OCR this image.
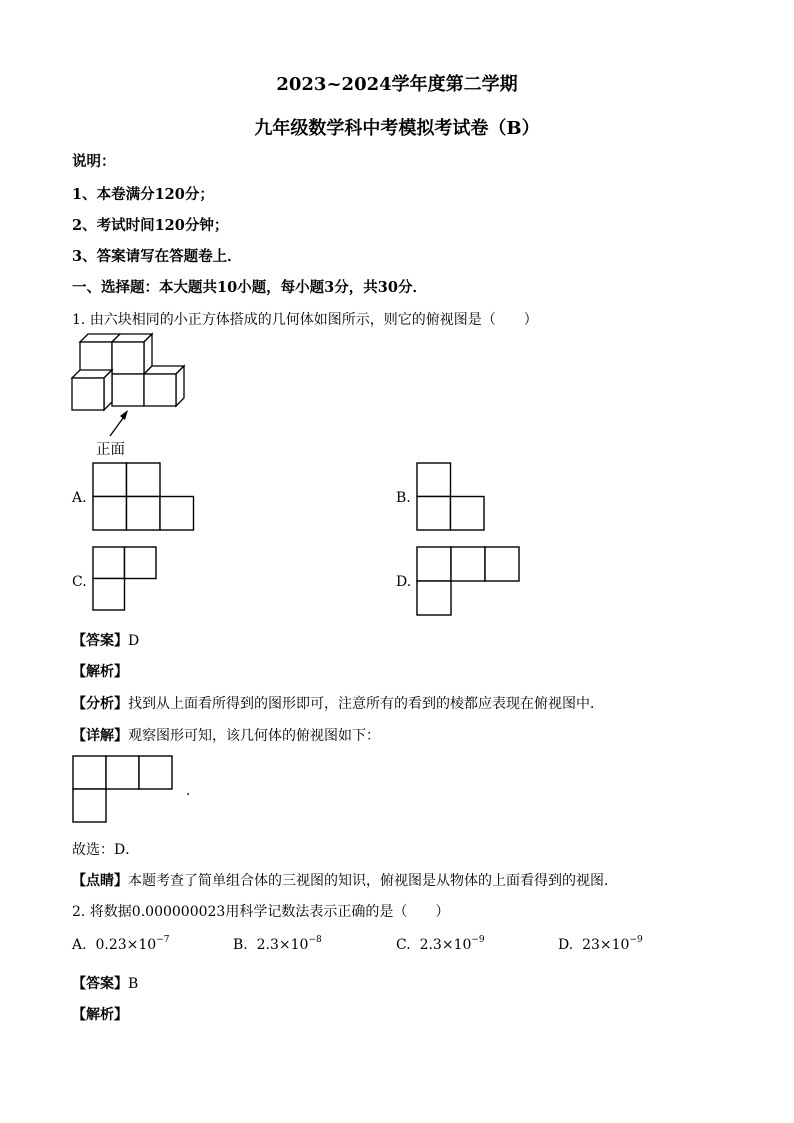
2023~2024学年度第二学期
九年级数学科中考模拟考试卷（B）
说明：
1、本卷满分120分；
2、考试时间120分钟；
3、答案请写在答题卷上．
一、选择题：本大题共10小题，每小题3分，共30分．
1. 由六块相同的小正方体搭成的几何体如图所示，则它的俯视图是（　　）
正面
A.	B.
C.	D.
【答案】D
【解析】
【分析】找到从上面看所得到的图形即可，注意所有的看到的棱都应表现在俯视图中．
【详解】观察图形可知，该几何体的俯视图如下：
．
故选：D．
【点睛】本题考查了简单组合体的三视图的知识，俯视图是从物体的上面看得到的视图．
2. 将数据0.000000023用科学记数法表示正确的是（　　）
A. $0.23\times 10^{-7}$	B. $2.3\times 10^{-8}$	C. $2.3\times 10^{-9}$	D. $23\times 10^{-9}$
【答案】B
【解析】
